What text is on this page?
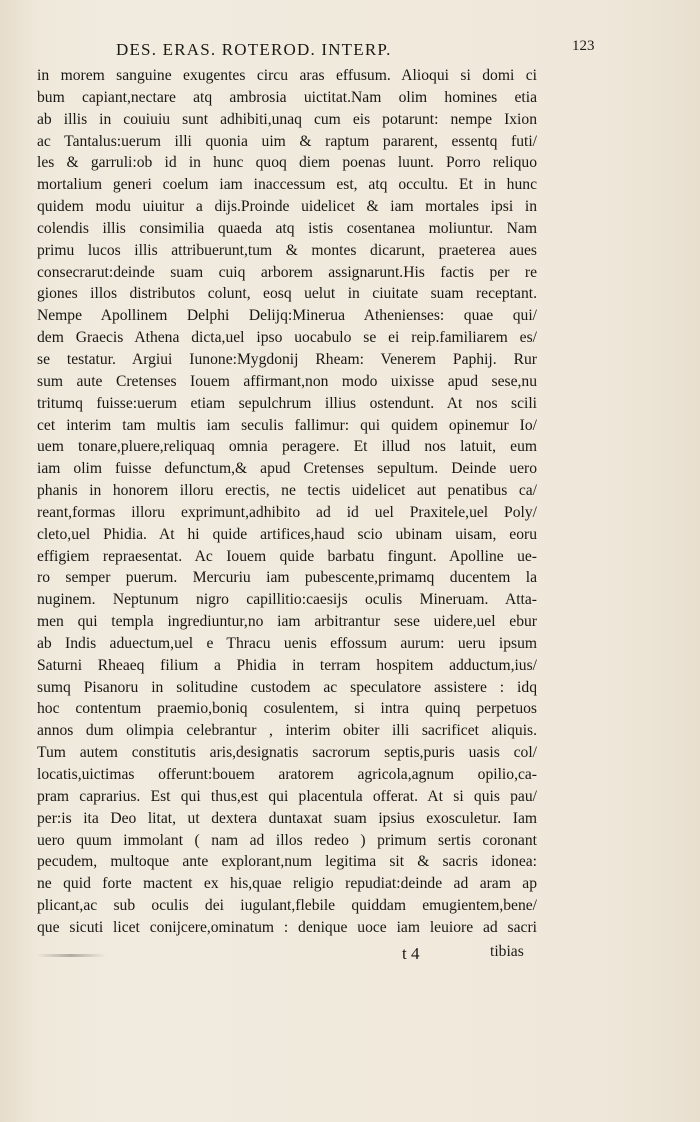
DES. ERAS. ROTEROD. INTERP.	123
in morem sanguine exugentes circu aras effusum. Alioqui si domi ci
bum capiant,nectare atq ambrosia uictitat.Nam olim homines etia
ab illis in couiuiu sunt adhibiti,unaq cum eis potarunt: nempe Ixion
ac Tantalus:uerum illi quonia uim & raptum pararent, essentq futi/
les & garruli:ob id in hunc quoq diem poenas luunt. Porro reliquo
mortalium generi coelum iam inaccessum est, atq occultu. Et in hunc
quidem modu uiuitur a dijs.Proinde uidelicet & iam mortales ipsi in
colendis illis consimilia quaeda atq istis cosentanea moliuntur. Nam
primu lucos illis attribuerunt,tum & montes dicarunt, praeterea aues
consecrarut:deinde suam cuiq arborem assignarunt.His factis per re
giones illos distributos colunt, eosq uelut in ciuitate suam receptant.
Nempe Apollinem Delphi Delijq:Minerua Athenienses: quae qui/
dem Graecis Athena dicta,uel ipso uocabulo se ei reip.familiarem es/
se testatur. Argiui Iunone:Mygdonij Rheam: Venerem Paphij. Rur
sum aute Cretenses Iouem affirmant,non modo uixisse apud sese,nu
tritumq fuisse:uerum etiam sepulchrum illius ostendunt. At nos scili
cet interim tam multis iam seculis fallimur: qui quidem opinemur Io/
uem tonare,pluere,reliquaq omnia peragere. Et illud nos latuit, eum
iam olim fuisse defunctum,& apud Cretenses sepultum. Deinde uero
phanis in honorem illoru erectis, ne tectis uidelicet aut penatibus ca/
reant,formas illoru exprimunt,adhibito ad id uel Praxitele,uel Poly/
cleto,uel Phidia. At hi quide artifices,haud scio ubinam uisam, eoru
effigiem repraesentat. Ac Iouem quide barbatu fingunt. Apolline ue-
ro semper puerum. Mercuriu iam pubescente,primamq ducentem la
nuginem. Neptunum nigro capillitio:caesijs oculis Mineruam. Atta-
men qui templa ingrediuntur,no iam arbitrantur sese uidere,uel ebur
ab Indis aduectum,uel e Thracu uenis effossum aurum: ueru ipsum
Saturni Rheaeq filium a Phidia in terram hospitem adductum,ius/
sumq Pisanoru in solitudine custodem ac speculatore assistere : idq
hoc contentum praemio,boniq cosulentem, si intra quinq perpetuos
annos dum olimpia celebrantur , interim obiter illi sacrificet aliquis.
Tum autem constitutis aris,designatis sacrorum septis,puris uasis col/
locatis,uictimas offerunt:bouem aratorem agricola,agnum opilio,ca-
pram caprarius. Est qui thus,est qui placentula offerat. At si quis pau/
per:is ita Deo litat, ut dextera duntaxat suam ipsius exosculetur. Iam
uero quum immolant ( nam ad illos redeo ) primum sertis coronant
pecudem, multoque ante explorant,num legitima sit & sacris idonea:
ne quid forte mactent ex his,quae religio repudiat:deinde ad aram ap
plicant,ac sub oculis dei iugulant,flebile quiddam emugientem,bene/
que sicuti licet conijcere,ominatum : denique uoce iam leuiore ad sacri
t 4	tibias
